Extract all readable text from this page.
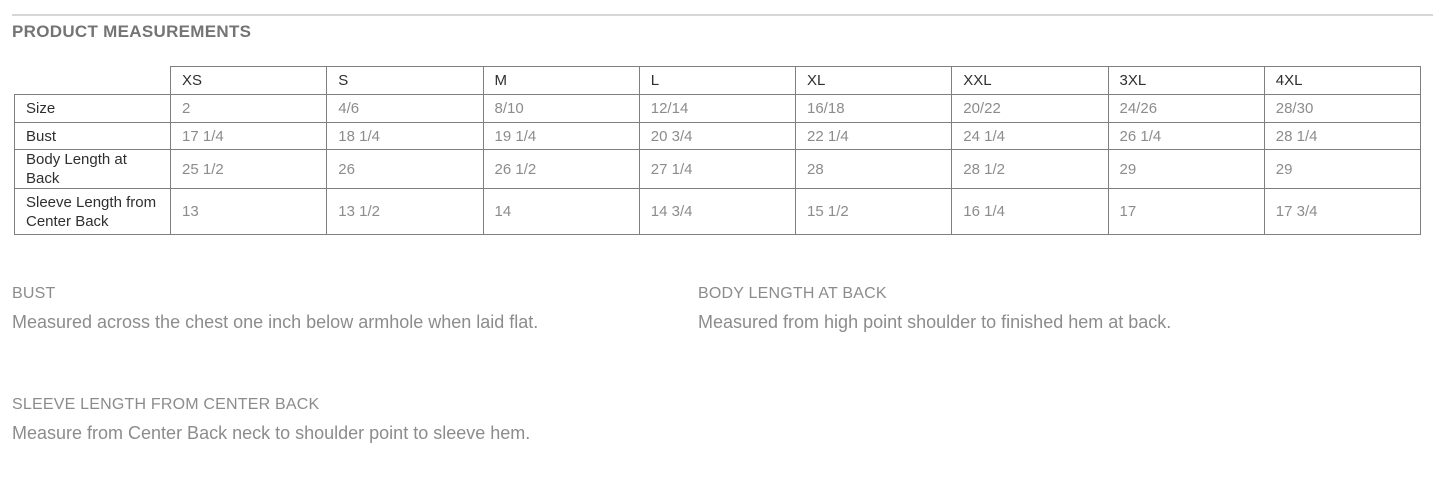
PRODUCT MEASUREMENTS
	XS	S	M	L	XL	XXL	3XL	4XL
Size	2	4/6	8/10	12/14	16/18	20/22	24/26	28/30
Bust	17 1/4	18 1/4	19 1/4	20 3/4	22 1/4	24 1/4	26 1/4	28 1/4
Body Length at Back	25 1/2	26	26 1/2	27 1/4	28	28 1/2	29	29
Sleeve Length from Center Back	13	13 1/2	14	14 3/4	15 1/2	16 1/4	17	17 3/4
BUST

Measured across the chest one inch below armhole when laid flat.

BODY LENGTH AT BACK

Measured from high point shoulder to finished hem at back.

SLEEVE LENGTH FROM CENTER BACK

Measure from Center Back neck to shoulder point to sleeve hem.
